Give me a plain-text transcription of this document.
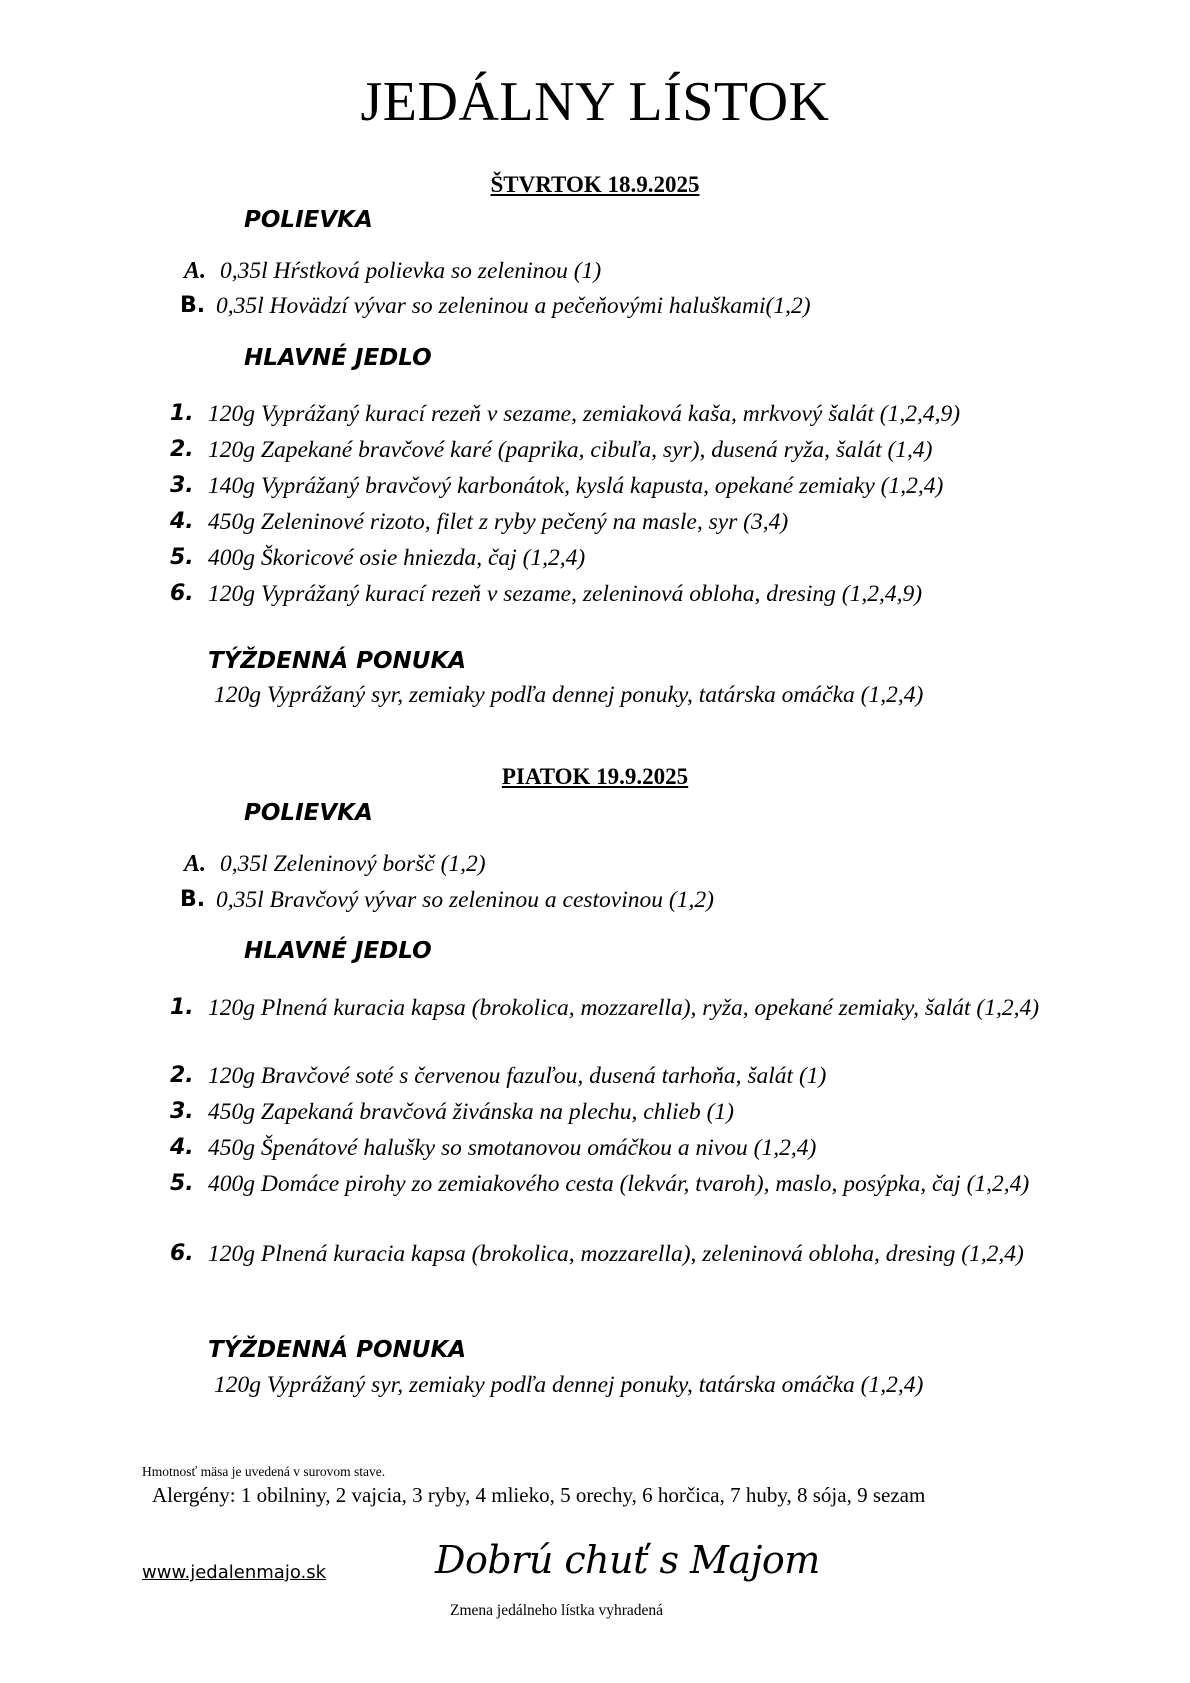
JEDÁLNY LÍSTOK
ŠTVRTOK 18.9.2025
POLIEVKA
A. 0,35l Hŕstková polievka so zeleninou (1)
B. 0,35l Hovädzí vývar so zeleninou a pečeňovými haluškami(1,2)
HLAVNÉ JEDLO
1. 120g Vyprážaný kurací rezeň v sezame, zemiaková kaša, mrkvový šalát (1,2,4,9)
2. 120g Zapekané bravčové karé (paprika, cibuľa, syr), dusená ryža, šalát (1,4)
3. 140g Vyprážaný bravčový karbonátok, kyslá kapusta, opekané zemiaky (1,2,4)
4. 450g Zeleninové rizoto, filet z ryby pečený na masle, syr (3,4)
5. 400g Škoricové osie hniezda, čaj (1,2,4)
6. 120g Vyprážaný kurací rezeň v sezame, zeleninová obloha, dresing (1,2,4,9)
TÝŽDENNÁ PONUKA
120g Vyprážaný syr, zemiaky podľa dennej ponuky, tatárska omáčka (1,2,4)
PIATOK 19.9.2025
POLIEVKA
A. 0,35l Zeleninový boršč (1,2)
B. 0,35l Bravčový vývar so zeleninou a cestovinou (1,2)
HLAVNÉ JEDLO
1. 120g Plnená kuracia kapsa (brokolica, mozzarella), ryža, opekané zemiaky, šalát (1,2,4)
2. 120g Bravčové soté s červenou fazuľou, dusená tarhoňa, šalát (1)
3. 450g Zapekaná bravčová živánska na plechu, chlieb (1)
4. 450g Špenátové halušky so smotanovou omáčkou a nivou (1,2,4)
5. 400g Domáce pirohy zo zemiakového cesta (lekvár, tvaroh), maslo, posýpka, čaj (1,2,4)
6. 120g Plnená kuracia kapsa (brokolica, mozzarella), zeleninová obloha, dresing (1,2,4)
TÝŽDENNÁ PONUKA
120g Vyprážaný syr, zemiaky podľa dennej ponuky, tatárska omáčka (1,2,4)
Hmotnosť mäsa je uvedená v surovom stave.
Alergény: 1 obilniny, 2 vajcia, 3 ryby, 4 mlieko, 5 orechy, 6 horčica, 7 huby, 8 sója, 9 sezam
www.jedalenmajo.sk	Dobrú chuť s Majom
Zmena jedálneho lístka vyhradená
